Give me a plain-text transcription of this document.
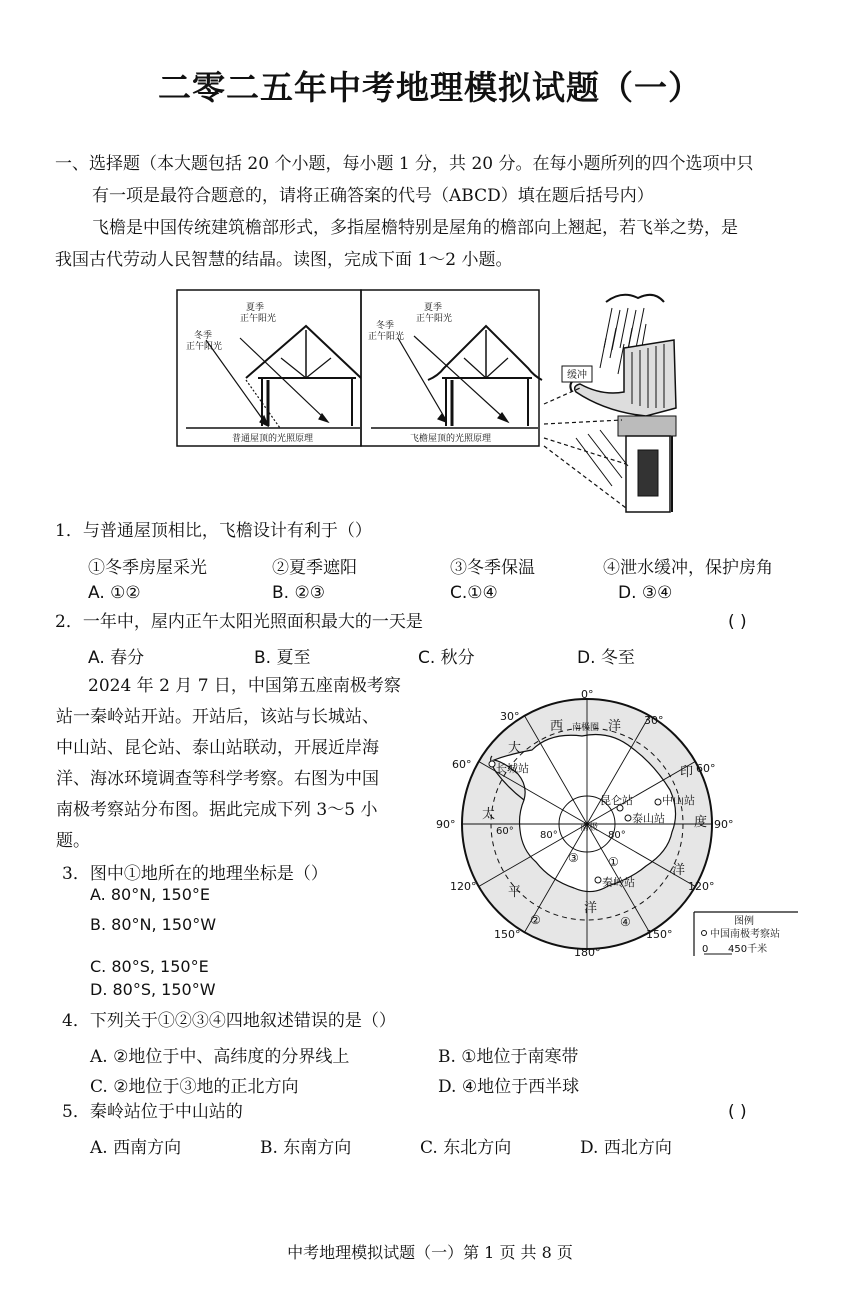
二零二五年中考地理模拟试题（一）
一、选择题（本大题包括 20 个小题，每小题 1 分，共 20 分。在每小题所列的四个选项中只
有一项是最符合题意的，请将正确答案的代号（ABCD）填在题后括号内）
飞檐是中国传统建筑檐部形式，多指屋檐特别是屋角的檐部向上翘起，若飞举之势，是
我国古代劳动人民智慧的结晶。读图，完成下面 1～2 小题。
夏季
正午阳光
冬季
正午阳光
普通屋顶的光照原理
夏季
正午阳光
冬季
正午阳光
飞檐屋顶的光照原理
缓冲
1．与普通屋顶相比，飞檐设计有利于（）
①冬季房屋采光	②夏季遮阳	③冬季保温	④泄水缓冲，保护房角
A. ①②	B. ②③	C.①④	D. ③④
2．一年中，屋内正午太阳光照面积最大的一天是	( )
A. 春分	B. 夏至	C. 秋分	D. 冬至
2024 年 2 月 7 日，中国第五座南极考察
站一秦岭站开站。开站后，该站与长城站、
中山站、昆仑站、泰山站联动，开展近岸海
洋、海冰环境调查等科学考察。右图为中国
南极考察站分布图。据此完成下列 3～5 小
题。
0°
30°	30°
60°	60°
90°	90°
120°	120°
150°	150°
180°
80°	80°
60°
西 南极圈 洋
大
印
太
度
洋
平
洋
长城站
昆仑站	中山站
泰山站
秦岭站
南极
①
②
③
④	图例
中国南极考察站
0 450千米
3．图中①地所在的地理坐标是（）
A. 80°N, 150°E
B. 80°N, 150°W
C. 80°S, 150°E
D. 80°S, 150°W
4．下列关于①②③④四地叙述错误的是（）
A. ②地位于中、高纬度的分界线上	B. ①地位于南寒带
C. ②地位于③地的正北方向	D. ④地位于西半球
5．秦岭站位于中山站的	( )
A. 西南方向	B. 东南方向	C. 东北方向	D. 西北方向
中考地理模拟试题（一）第 1 页 共 8 页
